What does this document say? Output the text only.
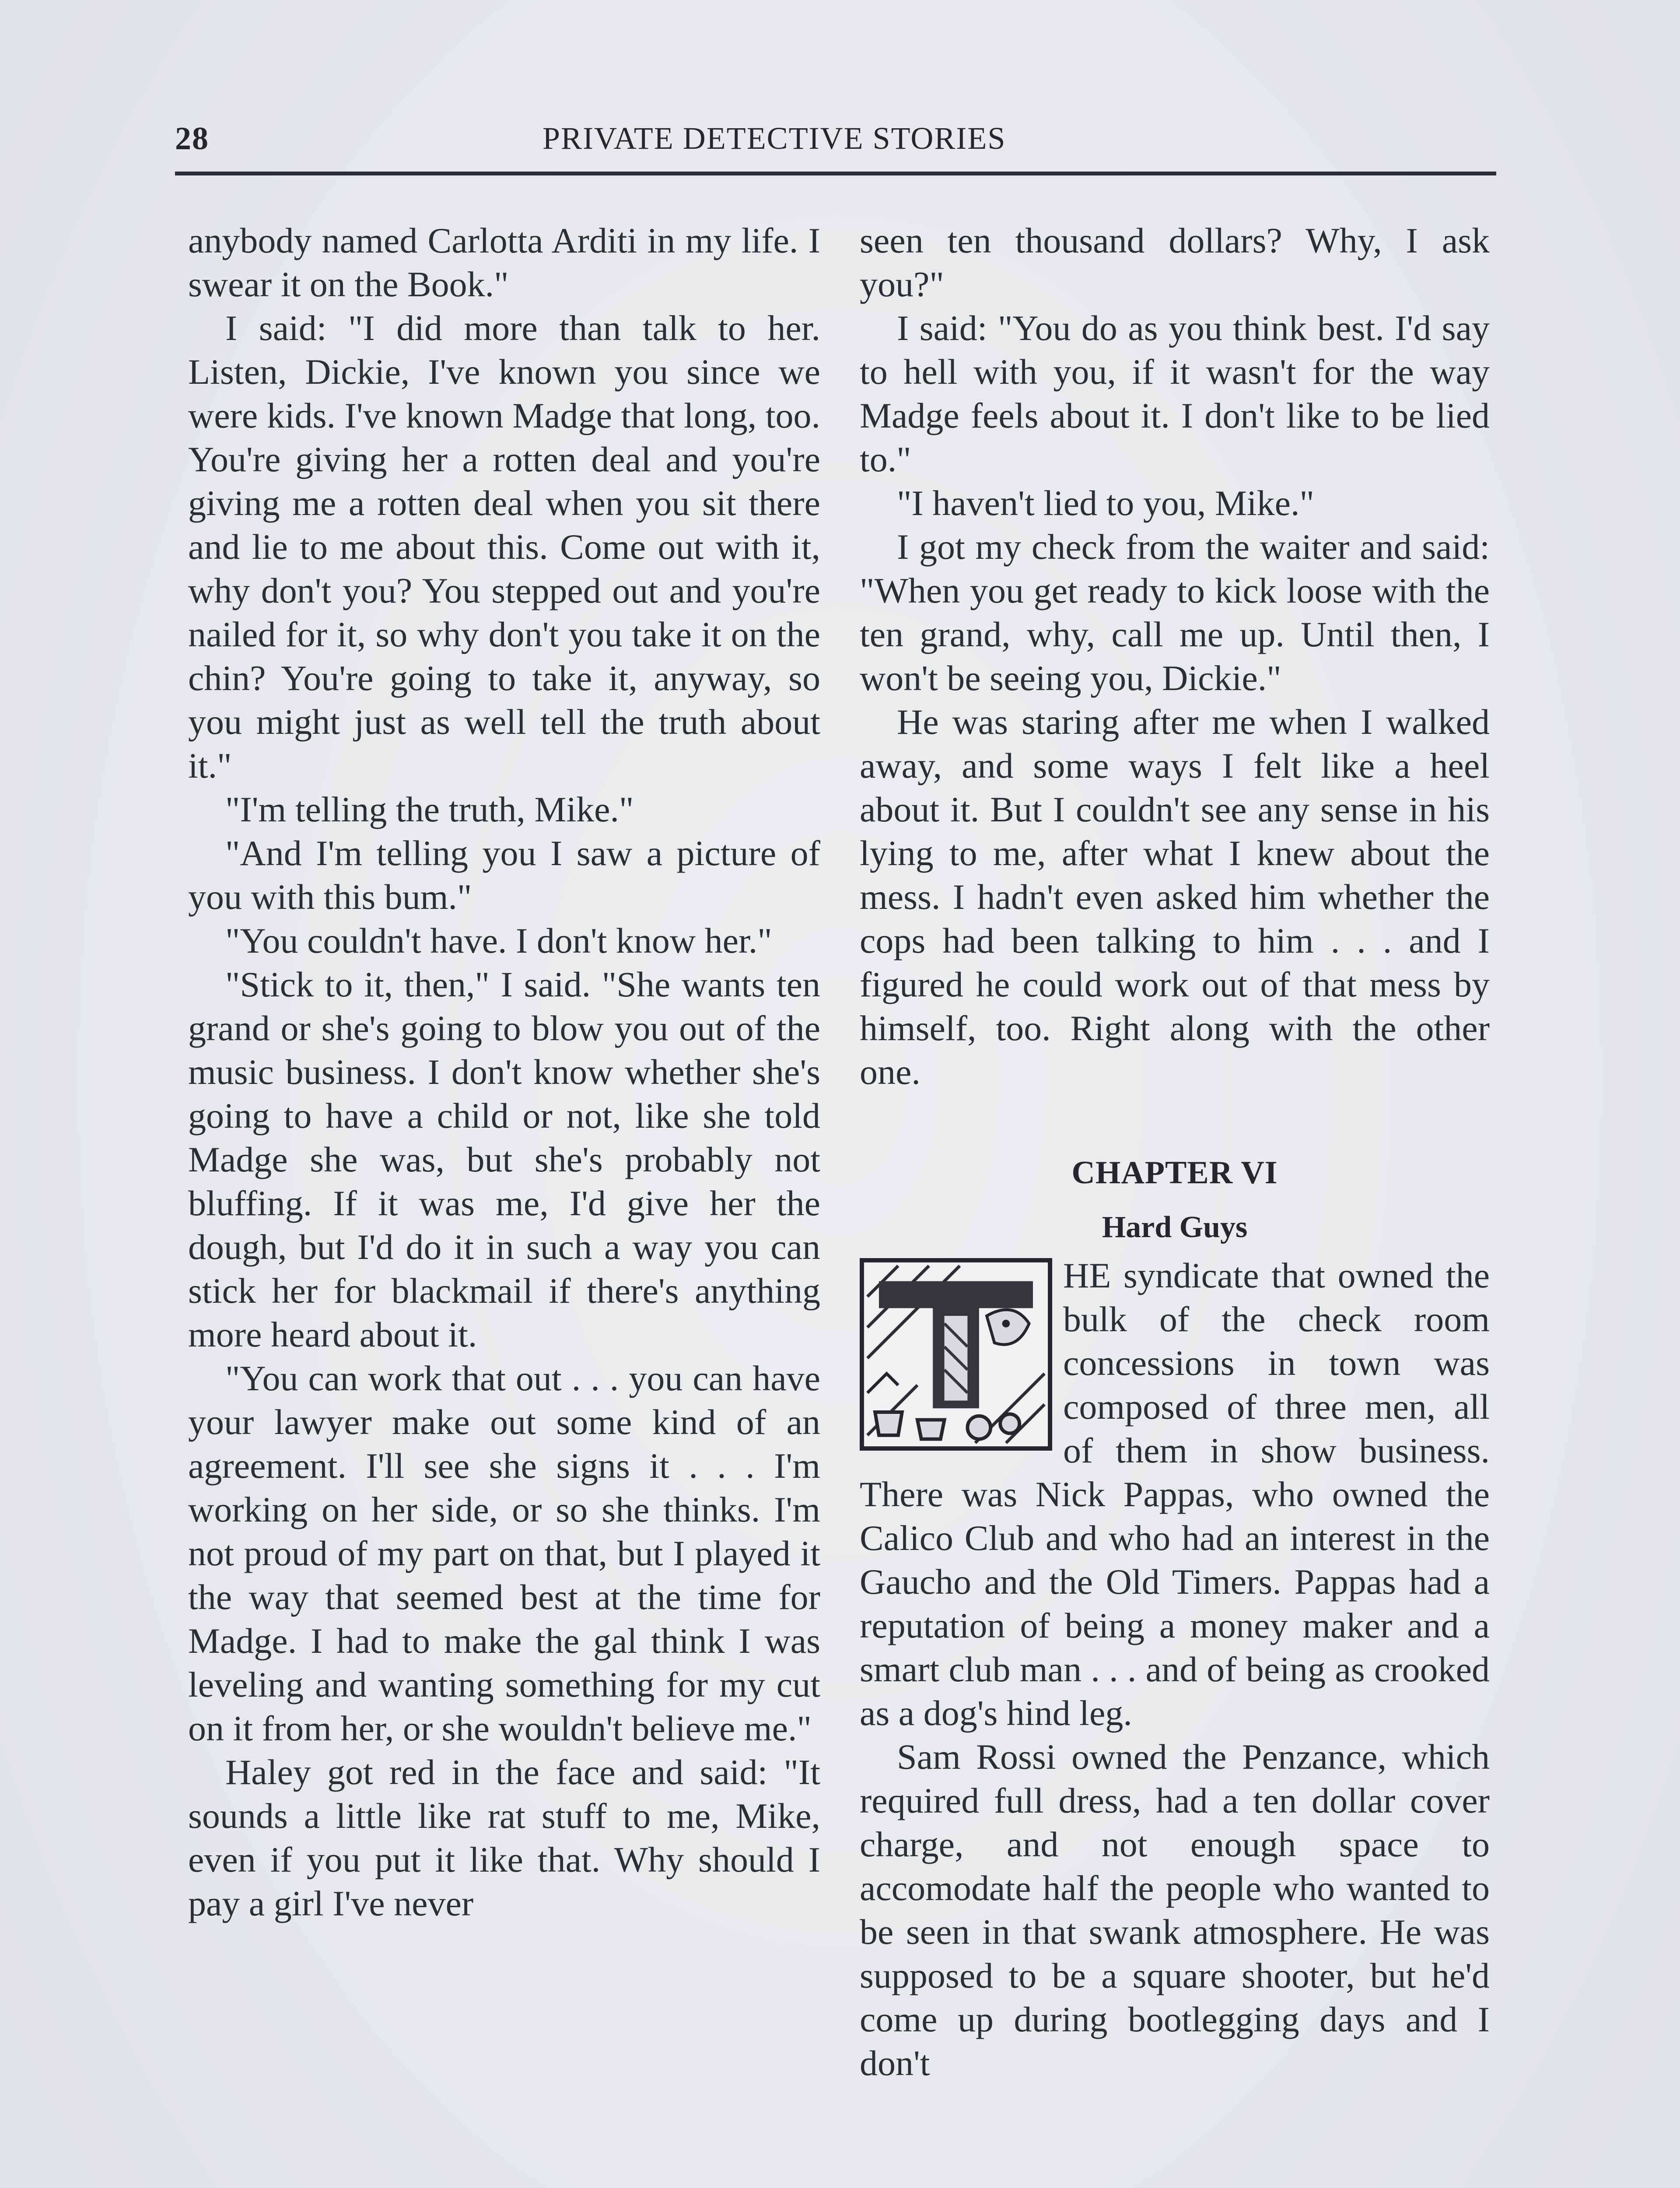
28	PRIVATE DETECTIVE STORIES

anybody named Carlotta Arditi in my life. I swear it on the Book."

I said: "I did more than talk to her. Listen, Dickie, I've known you since we were kids. I've known Madge that long, too. You're giving her a rotten deal and you're giving me a rotten deal when you sit there and lie to me about this. Come out with it, why don't you? You stepped out and you're nailed for it, so why don't you take it on the chin? You're going to take it, anyway, so you might just as well tell the truth about it."

"I'm telling the truth, Mike."

"And I'm telling you I saw a picture of you with this bum."

"You couldn't have. I don't know her."

"Stick to it, then," I said. "She wants ten grand or she's going to blow you out of the music business. I don't know whether she's going to have a child or not, like she told Madge she was, but she's probably not bluffing. If it was me, I'd give her the dough, but I'd do it in such a way you can stick her for blackmail if there's anything more heard about it.

"You can work that out . . . you can have your lawyer make out some kind of an agreement. I'll see she signs it . . . I'm working on her side, or so she thinks. I'm not proud of my part on that, but I played it the way that seemed best at the time for Madge. I had to make the gal think I was leveling and wanting something for my cut on it from her, or she wouldn't believe me."

Haley got red in the face and said: "It sounds a little like rat stuff to me, Mike, even if you put it like that. Why should I pay a girl I've never

seen ten thousand dollars? Why, I ask you?"

I said: "You do as you think best. I'd say to hell with you, if it wasn't for the way Madge feels about it. I don't like to be lied to."

"I haven't lied to you, Mike."

I got my check from the waiter and said: "When you get ready to kick loose with the ten grand, why, call me up. Until then, I won't be seeing you, Dickie."

He was staring after me when I walked away, and some ways I felt like a heel about it. But I couldn't see any sense in his lying to me, after what I knew about the mess. I hadn't even asked him whether the cops had been talking to him . . . and I figured he could work out of that mess by himself, too. Right along with the other one.

CHAPTER VI
Hard Guys

HE syndicate that owned the bulk of the check room concessions in town was composed of three men, all of them in show business. There was Nick Pappas, who owned the Calico Club and who had an interest in the Gaucho and the Old Timers. Pappas had a reputation of being a money maker and a smart club man . . . and of being as crooked as a dog's hind leg.

Sam Rossi owned the Penzance, which required full dress, had a ten dollar cover charge, and not enough space to accomodate half the people who wanted to be seen in that swank atmosphere. He was supposed to be a square shooter, but he'd come up during bootlegging days and I don't
